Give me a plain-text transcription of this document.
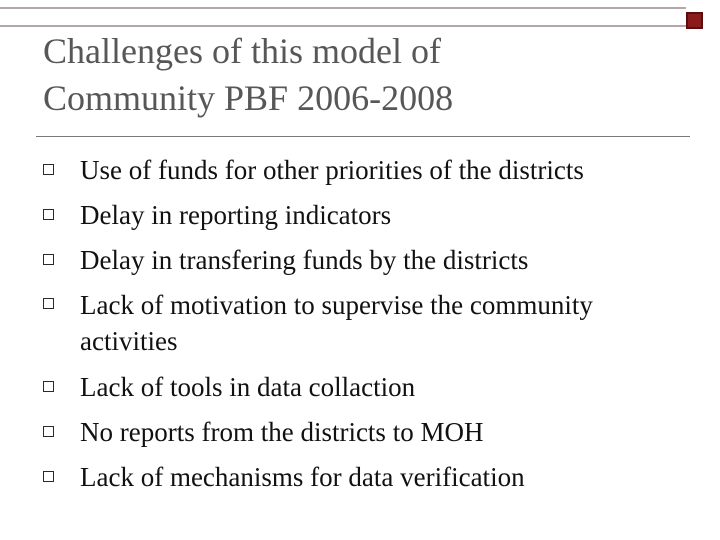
Challenges of this model of
Community PBF 2006-2008
Use of funds for other priorities of the districts
Delay in reporting indicators
Delay in transfering funds by the districts
Lack of motivation to supervise the community activities
Lack of tools in data collaction
No reports from the districts to MOH
Lack of mechanisms for data verification
